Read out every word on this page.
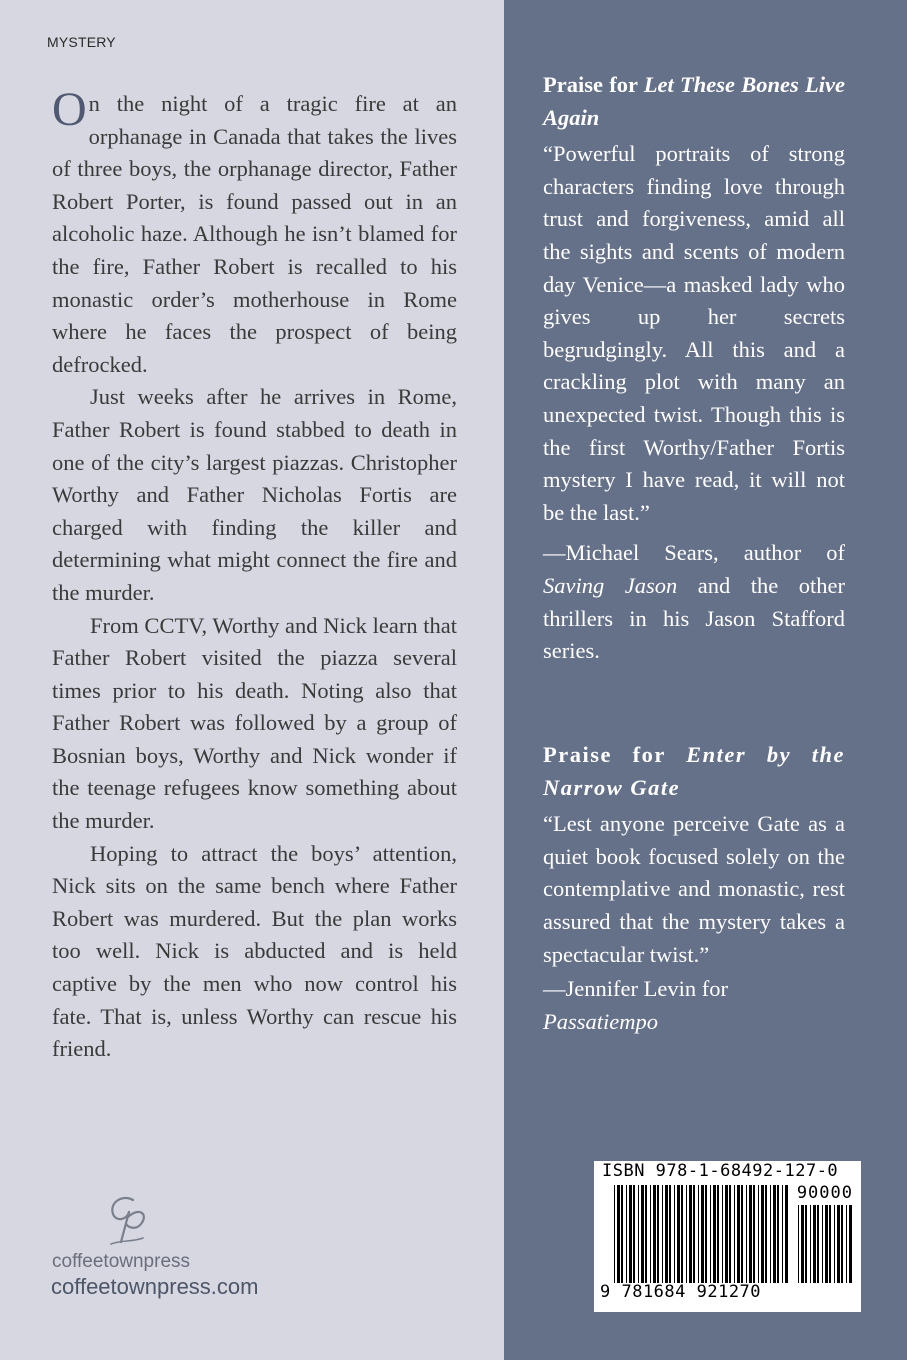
MYSTERY

On the night of a tragic fire at an orphanage in Canada that takes the lives of three boys, the orphanage director, Father Robert Porter, is found passed out in an alcoholic haze. Although he isn’t blamed for the fire, Father Robert is recalled to his monastic order’s motherhouse in Rome where he faces the prospect of being defrocked.

Just weeks after he arrives in Rome, Father Robert is found stabbed to death in one of the city’s largest piazzas. Christopher Worthy and Father Nicholas Fortis are charged with finding the killer and determining what might connect the fire and the murder.

From CCTV, Worthy and Nick learn that Father Robert visited the piazza several times prior to his death. Noting also that Father Robert was followed by a group of Bosnian boys, Worthy and Nick wonder if the teenage refugees know something about the murder.

Hoping to attract the boys’ attention, Nick sits on the same bench where Father Robert was murdered. But the plan works too well. Nick is abducted and is held captive by the men who now control his fate. That is, unless Worthy can rescue his friend.

coffeetownpress
coffeetownpress.com
Praise for Let These Bones Live Again
“Powerful portraits of strong characters finding love through trust and forgiveness, amid all the sights and scents of modern day Venice—a masked lady who gives up her secrets begrudgingly. All this and a crackling plot with many an unexpected twist. Though this is the first Worthy/Father Fortis mystery I have read, it will not be the last.”
—Michael Sears, author of Saving Jason and the other thrillers in his Jason Stafford series.
Praise for Enter by the Narrow Gate
“Lest anyone perceive Gate as a quiet book focused solely on the contemplative and monastic, rest assured that the mystery takes a spectacular twist.”
—Jennifer Levin for
Passatiempo
ISBN 978-1-68492-127-0
90000
9 781684 921270
